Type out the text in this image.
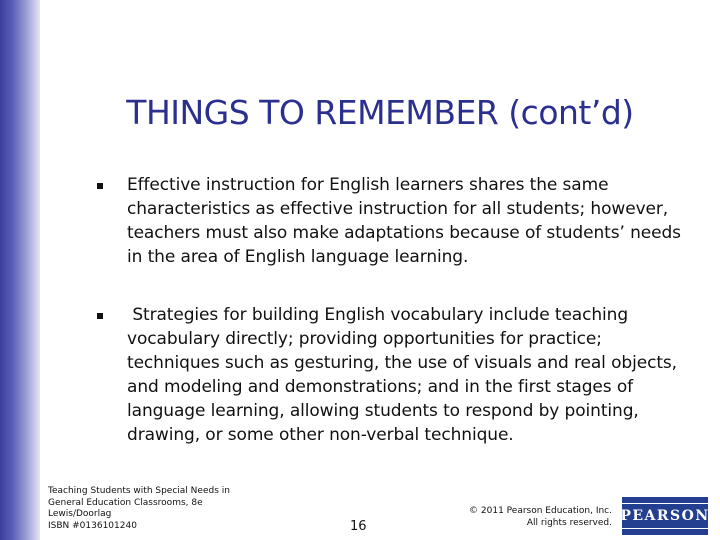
THINGS TO REMEMBER (cont’d)
Effective instruction for English learners shares the same characteristics as effective instruction for all students; however, teachers must also make adaptations because of students’ needs in the area of English language learning.
Strategies for building English vocabulary include teaching vocabulary directly; providing opportunities for practice; techniques such as gesturing, the use of visuals and real objects, and modeling and demonstrations; and in the first stages of language learning, allowing students to respond by pointing, drawing, or some other non-verbal technique.
Teaching Students with Special Needs in
General Education Classrooms, 8e
Lewis/Doorlag
ISBN #0136101240	16
© 2011 Pearson Education, Inc.
All rights reserved. PEARSON
